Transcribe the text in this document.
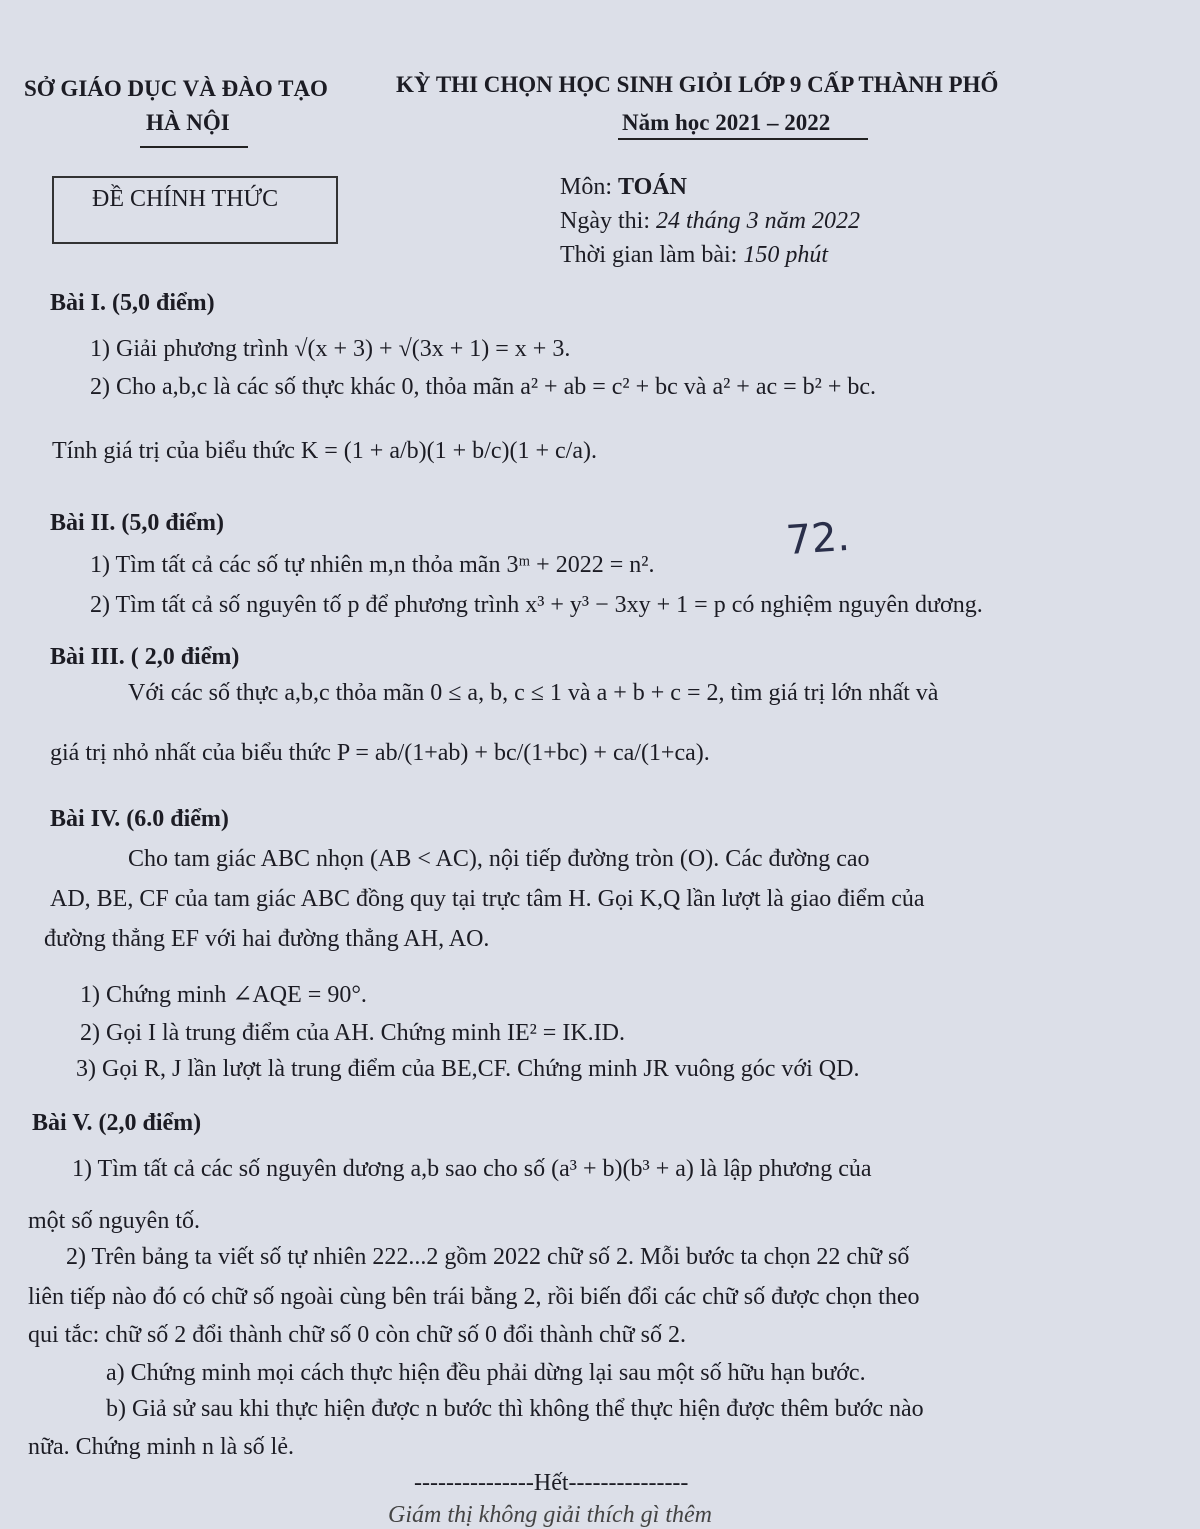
SỞ GIÁO DỤC VÀ ĐÀO TẠO
HÀ NỘI
KỲ THI CHỌN HỌC SINH GIỎI LỚP 9 CẤP THÀNH PHỐ
Năm học 2021 – 2022
ĐỀ CHÍNH THỨC	Môn: TOÁN
Ngày thi: 24 tháng 3 năm 2022
Thời gian làm bài: 150 phút
Bài I. (5,0 điểm)
1) Giải phương trình √(x + 3) + √(3x + 1) = x + 3.
2) Cho a,b,c là các số thực khác 0, thỏa mãn a² + ab = c² + bc và a² + ac = b² + bc.
Tính giá trị của biểu thức K = (1 + a/b)(1 + b/c)(1 + c/a).
Bài II. (5,0 điểm)
1) Tìm tất cả các số tự nhiên m,n thỏa mãn 3ᵐ + 2022 = n².
72.
2) Tìm tất cả số nguyên tố p để phương trình x³ + y³ − 3xy + 1 = p có nghiệm nguyên dương.
Bài III. ( 2,0 điểm)
Với các số thực a,b,c thỏa mãn 0 ≤ a, b, c ≤ 1 và a + b + c = 2, tìm giá trị lớn nhất và
giá trị nhỏ nhất của biểu thức P = ab/(1+ab) + bc/(1+bc) + ca/(1+ca).
Bài IV. (6.0 điểm)
Cho tam giác ABC nhọn (AB < AC), nội tiếp đường tròn (O). Các đường cao
AD, BE, CF của tam giác ABC đồng quy tại trực tâm H. Gọi K,Q lần lượt là giao điểm của
đường thẳng EF với hai đường thẳng AH, AO.
1) Chứng minh ∠AQE = 90°.
2) Gọi I là trung điểm của AH. Chứng minh IE² = IK.ID.
3) Gọi R, J lần lượt là trung điểm của BE,CF. Chứng minh JR vuông góc với QD.
Bài V. (2,0 điểm)
1) Tìm tất cả các số nguyên dương a,b sao cho số (a³ + b)(b³ + a) là lập phương của
một số nguyên tố.
2) Trên bảng ta viết số tự nhiên 222...2 gồm 2022 chữ số 2. Mỗi bước ta chọn 22 chữ số
liên tiếp nào đó có chữ số ngoài cùng bên trái bằng 2, rồi biến đổi các chữ số được chọn theo
qui tắc: chữ số 2 đổi thành chữ số 0 còn chữ số 0 đổi thành chữ số 2.
a) Chứng minh mọi cách thực hiện đều phải dừng lại sau một số hữu hạn bước.
b) Giả sử sau khi thực hiện được n bước thì không thể thực hiện được thêm bước nào
nữa. Chứng minh n là số lẻ.
---------------Hết---------------
Giám thị không giải thích gì thêm
